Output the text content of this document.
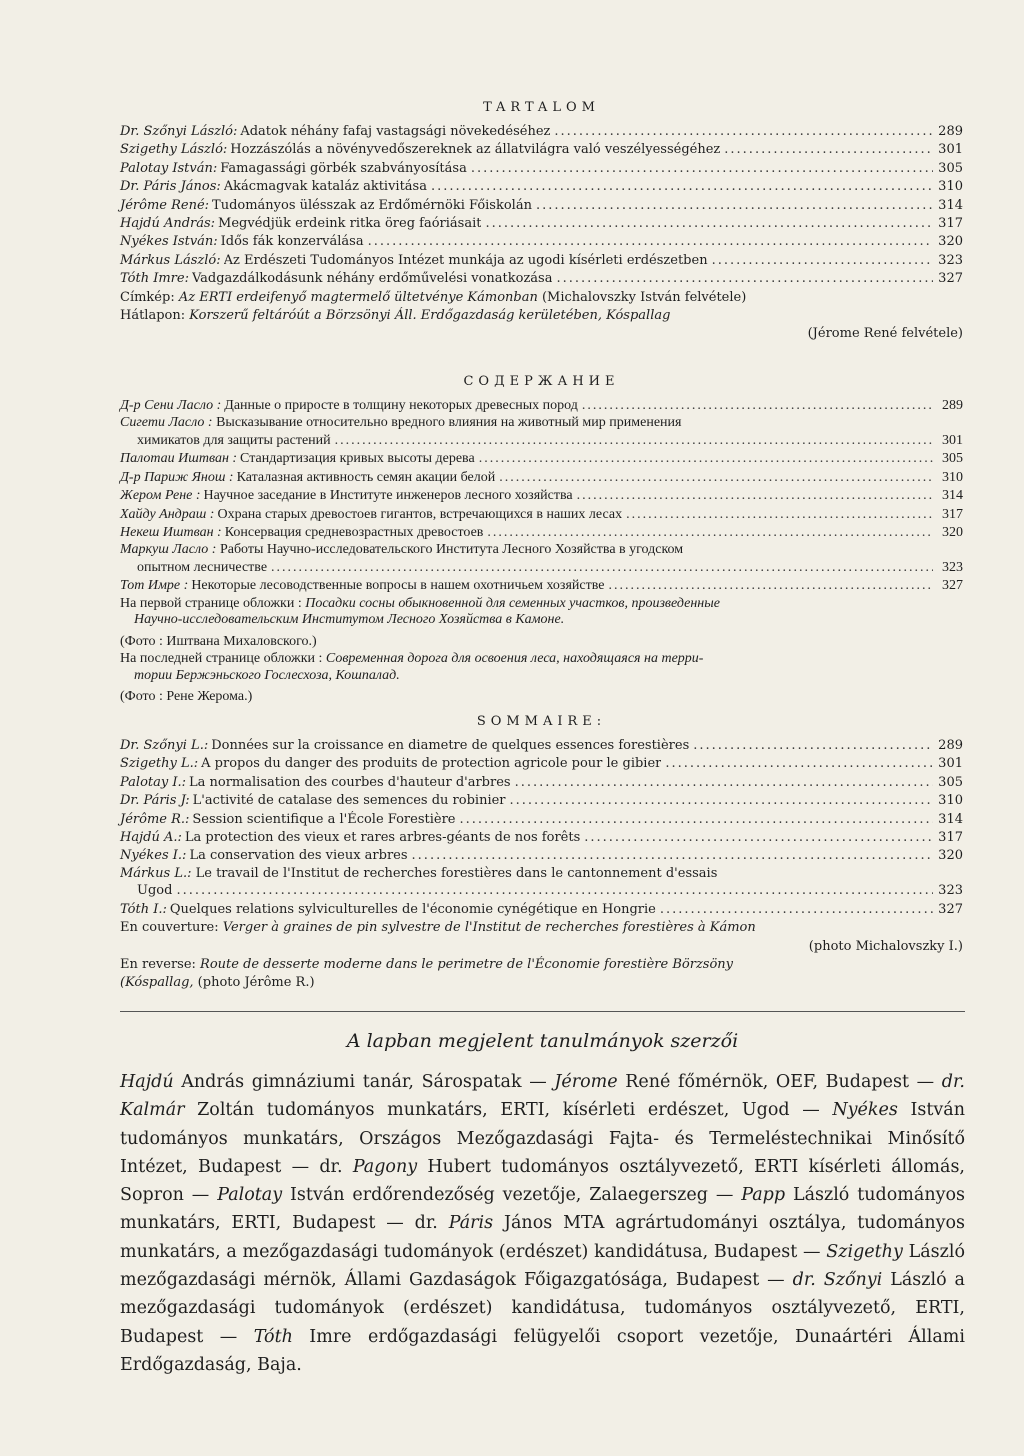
TARTALOM
Dr. Szőnyi László: Adatok néhány fafaj vastagsági növekedéséhez .....	289
Szigethy László: Hozzászólás a növényvedőszereknek az állatvilágra való veszélyességéhez .....	301
Palotay István: Famagassági görbék szabványosítása .....	305
Dr. Páris János: Akácmagvak kataláz aktivitása .....	310
Jérôme René: Tudományos ülésszak az Erdőmérnöki Főiskolán .....	314
Hajdú András: Megvédjük erdeink ritka öreg faóriásait .....	317
Nyékes István: Idős fák konzerválása .....	320
Márkus László: Az Erdészeti Tudományos Intézet munkája az ugodi kísérleti erdészetben .....	323
Tóth Imre: Vadgazdálkodásunk néhány erdőművelési vonatkozása .....	327
Címkép: Az ERTI erdeifenyő magtermelő ültetvénye Kámonban (Michalovszky István felvétele)
Hátlapon: Korszerű feltáróút a Börzsönyi Áll. Erdőgazdaság kerületében, Kóspallag
(Jérome René felvétele)
СОДЕРЖАНИЕ
Д-р Сени Ласло : Данные о приросте в толщину некоторых древесных пород .....	289
Сигети Ласло : Высказывание относительно вредного влияния на животный мир применения
химикатов для защиты растений .....	301
Палотаи Иштван : Стандартизация кривых высоты дерева .....	305
Д-р Париж Янош : Каталазная активность семян акации белой .....	310
Жером Рене : Научное заседание в Институте инженеров лесного хозяйства .....	314
Хайду Андраш : Охрана старых древостоев гигантов, встречающихся в наших лесах .....	317
Некеш Иштван : Консервация средневозрастных древостоев .....	320
Маркуш Ласло : Работы Научно-исследовательского Института Лесного Хозяйства в угодском
опытном лесничестве .....	323
Тот Имре : Некоторые лесоводственные вопросы в нашем охотничьем хозяйстве .....	327
На первой странице обложки : Посадки сосны обыкновенной для семенных участков, произведенные
Научно-исследовательским Институтом Лесного Хозяйства в Камоне.
(Фото : Иштвана Михаловского.)
На последней странице обложки : Современная дорога для освоения леса, находящаяся на терри-
тории Бержэньского Гослесхоза, Кошпалад.
(Фото : Рене Жерома.)
SOMMAIRE:
Dr. Szőnyi L.: Données sur la croissance en diametre de quelques essences forestières .....	289
Szigethy L.: A propos du danger des produits de protection agricole pour le gibier .....	301
Palotay I.: La normalisation des courbes d'hauteur d'arbres .....	305
Dr. Páris J: L'activité de catalase des semences du robinier .....	310
Jérôme R.: Session scientifique a l'École Forestière .....	314
Hajdú A.: La protection des vieux et rares arbres-géants de nos forêts .....	317
Nyékes I.: La conservation des vieux arbres .....	320
Márkus L.: Le travail de l'Institut de recherches forestières dans le cantonnement d'essais
Ugod .....	323
Tóth I.: Quelques relations sylviculturelles de l'économie cynégétique en Hongrie .....	327
En couverture: Verger à graines de pin sylvestre de l'Institut de recherches forestières à Kámon
(photo Michalovszky I.)
En reverse: Route de desserte moderne dans le perimetre de l'Économie forestière Börzsöny
(Kóspallag, (photo Jérôme R.)
A lapban megjelent tanulmányok szerzői
Hajdú András gimnáziumi tanár, Sárospatak — Jérome René főmérnök, OEF, Budapest — dr. Kalmár Zoltán tudományos munkatárs, ERTI, kísérleti erdészet, Ugod — Nyékes István tudományos munkatárs, Országos Mezőgazdasági Fajta- és Termeléstechnikai Minősítő Intézet, Budapest — dr. Pagony Hubert tudományos osztályvezető, ERTI kísérleti állomás, Sopron — Palotay István erdőrendezőség vezetője, Zalaegerszeg — Papp László tudományos munkatárs, ERTI, Budapest — dr. Páris János MTA agrártudományi osztálya, tudományos munkatárs, a mezőgazdasági tudományok (erdészet) kandidátusa, Budapest — Szigethy László mezőgazdasági mérnök, Állami Gazdaságok Főigazgatósága, Budapest — dr. Szőnyi László a mezőgazdasági tudományok (erdészet) kandidátusa, tudományos osztályvezető, ERTI, Budapest — Tóth Imre erdőgazdasági felügyelői csoport vezetője, Dunaártéri Állami Erdőgazdaság, Baja.
